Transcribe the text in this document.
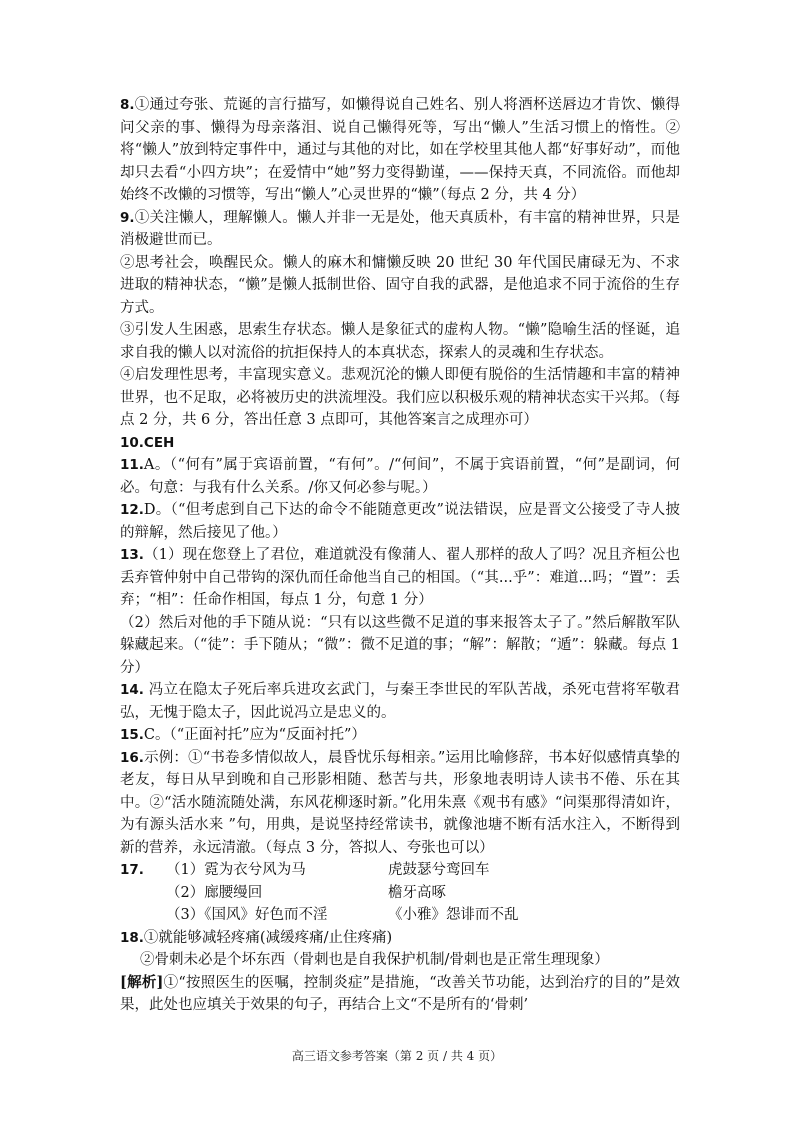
8.①通过夸张、荒诞的言行描写，如懒得说自己姓名、别人将酒杯送唇边才肯饮、懒得问父亲的事、懒得为母亲落泪、说自己懒得死等，写出“懒人”生活习惯上的惰性。②将“懒人”放到特定事件中，通过与其他的对比，如在学校里其他人都“好事好动”，而他却只去看“小四方块”；在爱情中“她”努力变得勤谨，——保持天真，不同流俗。而他却始终不改懒的习惯等，写出“懒人”心灵世界的“懒”（每点 2 分，共 4 分）

9.①关注懒人，理解懒人。懒人并非一无是处，他天真质朴，有丰富的精神世界，只是消极避世而已。

②思考社会，唤醒民众。懒人的麻木和慵懒反映 20 世纪 30 年代国民庸碌无为、不求进取的精神状态，“懒”是懒人抵制世俗、固守自我的武器，是他追求不同于流俗的生存方式。

③引发人生困惑，思索生存状态。懒人是象征式的虚构人物。“懒”隐喻生活的怪诞，追求自我的懒人以对流俗的抗拒保持人的本真状态，探索人的灵魂和生存状态。

④启发理性思考，丰富现实意义。悲观沉沦的懒人即便有脱俗的生活情趣和丰富的精神世界，也不足取，必将被历史的洪流埋没。我们应以积极乐观的精神状态实干兴邦。（每点 2 分，共 6 分，答出任意 3 点即可，其他答案言之成理亦可）

10.CEH

11.A。（“何有”属于宾语前置，“有何”。/“何间”，不属于宾语前置，“何”是副词，何必。句意：与我有什么关系。/你又何必参与呢。）

12.D。（“但考虑到自己下达的命令不能随意更改”说法错误，应是晋文公接受了寺人披的辩解，然后接见了他。）

13.（1）现在您登上了君位，难道就没有像蒲人、翟人那样的敌人了吗？况且齐桓公也丢弃管仲射中自己带钩的深仇而任命他当自己的相国。（“其...乎”：难道...吗；“置”：丢弃；“相”：任命作相国，每点 1 分，句意 1 分）

（2）然后对他的手下随从说：“只有以这些微不足道的事来报答太子了。”然后解散军队躲藏起来。（“徒”：手下随从；“微”：微不足道的事；“解”：解散；“遁”：躲藏。每点 1 分）

14. 冯立在隐太子死后率兵进攻玄武门，与秦王李世民的军队苦战，杀死屯营将军敬君弘，无愧于隐太子，因此说冯立是忠义的。

15.C。（“正面衬托”应为“反面衬托”）

16.示例：①“书卷多情似故人，晨昏忧乐每相亲。”运用比喻修辞，书本好似感情真挚的老友，每日从早到晚和自己形影相随、愁苦与共，形象地表明诗人读书不倦、乐在其中。②“活水随流随处满，东风花柳逐时新。”化用朱熹《观书有感》“问渠那得清如许，为有源头活水来 ”句，用典，是说坚持经常读书，就像池塘不断有活水注入，不断得到新的营养，永远清澈。（每点 3 分，答拟人、夸张也可以）

17.	（1）霓为衣兮风为马	虎鼓瑟兮鸾回车
（2）廊腰缦回	檐牙高啄
（3）《国风》好色而不淫	《小雅》怨诽而不乱

18.①就能够减轻疼痛(减缓疼痛/止住疼痛)

②骨刺未必是个坏东西（骨刺也是自我保护机制/骨刺也是正常生理现象）

[解析]①“按照医生的医嘱，控制炎症”是措施，“改善关节功能，达到治疗的目的”是效果，此处也应填关于效果的句子，再结合上文“不是所有的‘骨刺’

高三语文参考答案（第 2 页 / 共 4 页）
